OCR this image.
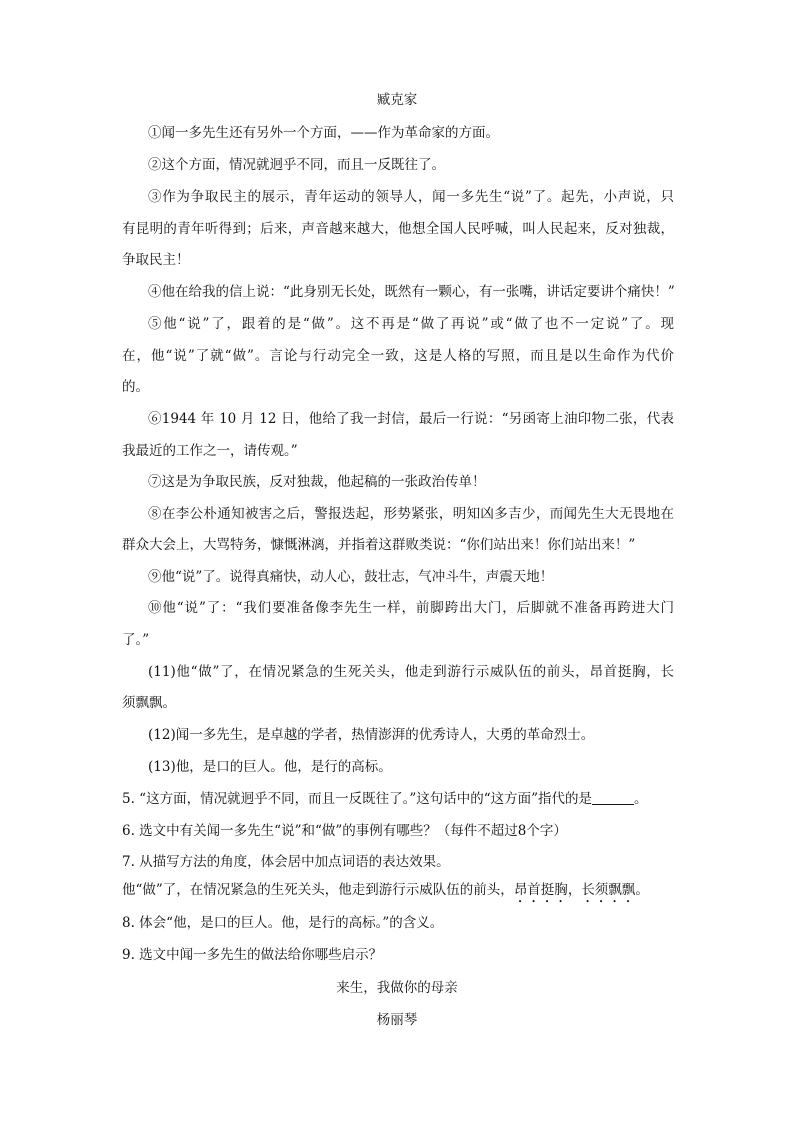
臧克家
①闻一多先生还有另外一个方面，——作为革命家的方面。
②这个方面，情况就迥乎不同，而且一反既往了。
③作为争取民主的展示，青年运动的领导人，闻一多先生“说”了。起先，小声说，只
有昆明的青年听得到；后来，声音越来越大，他想全国人民呼喊，叫人民起来，反对独裁，
争取民主！
④他在给我的信上说：“此身别无长处，既然有一颗心，有一张嘴，讲话定要讲个痛快！”
⑤他“说”了，跟着的是“做”。这不再是“做了再说”或“做了也不一定说”了。现
在，他“说”了就“做”。言论与行动完全一致，这是人格的写照，而且是以生命作为代价
的。
⑥1944 年 10 月 12 日，他给了我一封信，最后一行说：“另函寄上油印物二张，代表
我最近的工作之一，请传观。”
⑦这是为争取民族，反对独裁，他起稿的一张政治传单！
⑧在李公朴通知被害之后，警报迭起，形势紧张，明知凶多吉少，而闻先生大无畏地在
群众大会上，大骂特务，慷慨淋漓，并指着这群败类说：“你们站出来！你们站出来！”
⑨他“说”了。说得真痛快，动人心，鼓壮志，气冲斗牛，声震天地！
⑩他“说”了：“我们要准备像李先生一样，前脚跨出大门，后脚就不准备再跨进大门
了。”
(11)他“做”了，在情况紧急的生死关头，他走到游行示威队伍的前头，昂首挺胸，长
须飘飘。
(12)闻一多先生，是卓越的学者，热情澎湃的优秀诗人，大勇的革命烈士。
(13)他，是口的巨人。他，是行的高标。
5. “这方面，情况就迥乎不同，而且一反既往了。”这句话中的“这方面”指代的是	。
6. 选文中有关闻一多先生“说”和“做”的事例有哪些？（每件不超过8个字）
7. 从描写方法的角度，体会居中加点词语的表达效果。
他“做”了，在情况紧急的生死关头，他走到游行示威队伍的前头，昂首挺胸，长须飘飘。
8. 体会“他，是口的巨人。他，是行的高标。”的含义。
9. 选文中闻一多先生的做法给你哪些启示？
来生，我做你的母亲
杨丽琴
